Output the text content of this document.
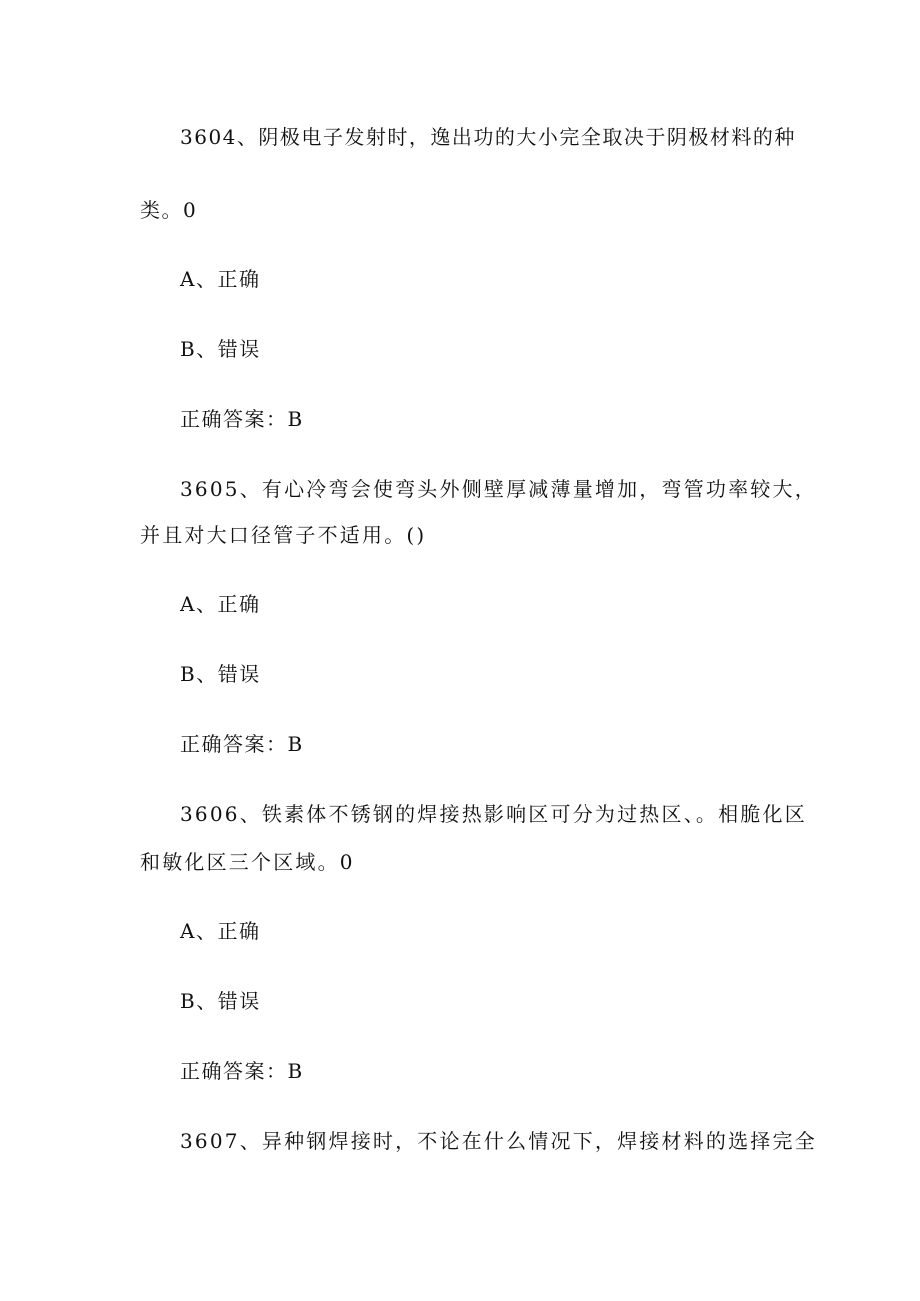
3604、阴极电子发射时，逸出功的大小完全取决于阴极材料的种
类。0
A、正确
B、错误
正确答案：B
3605、有心冷弯会使弯头外侧壁厚减薄量增加，弯管功率较大，
并且对大口径管子不适用。()
A、正确
B、错误
正确答案：B
3606、铁素体不锈钢的焊接热影响区可分为过热区、。相脆化区
和敏化区三个区域。0
A、正确
B、错误
正确答案：B
3607、异种钢焊接时，不论在什么情况下，焊接材料的选择完全
